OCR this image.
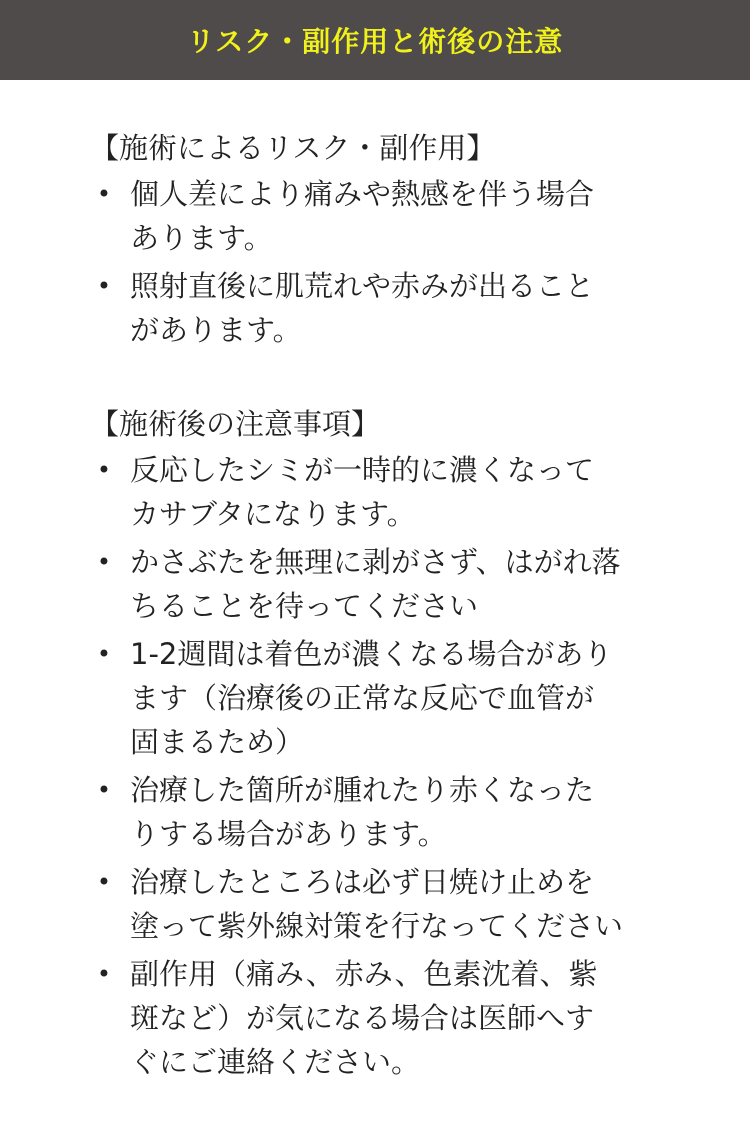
リスク・副作用と術後の注意
【施術によるリスク・副作用】
• 個人差により痛みや熱感を伴う場合
あります。
• 照射直後に肌荒れや赤みが出ること
があります。
【施術後の注意事項】
• 反応したシミが一時的に濃くなって
カサブタになります。
• かさぶたを無理に剥がさず、はがれ落
ちることを待ってください
• 1-2週間は着色が濃くなる場合があり
ます（治療後の正常な反応で血管が
固まるため）
• 治療した箇所が腫れたり赤くなった
りする場合があります。
• 治療したところは必ず日焼け止めを
塗って紫外線対策を行なってください
• 副作用（痛み、赤み、色素沈着、紫
斑など）が気になる場合は医師へす
ぐにご連絡ください。
